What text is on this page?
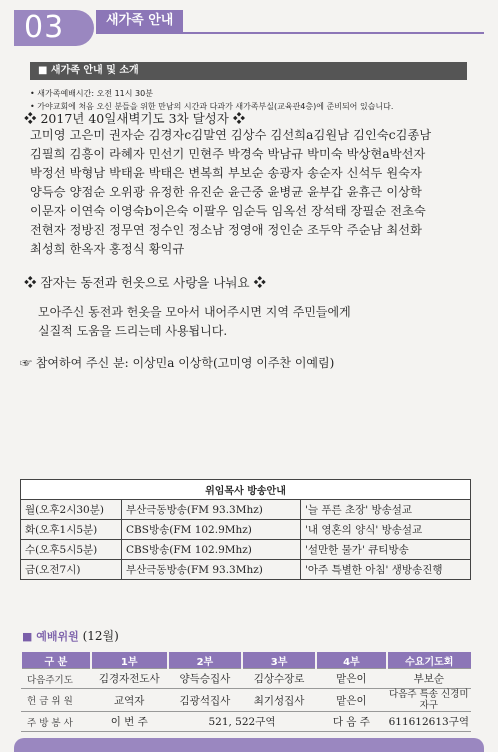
03	새가족 안내
■ 새가족 안내 및 소개
• 새가족예배시간: 오전 11시 30분
• 가야교회에 처음 오신 분들을 위한 만남의 시간과 다과가 새가족부실(교육관4층)에 준비되어 있습니다.
❖ 2017년 40일새벽기도 3차 달성자 ❖
고미영 고은미 권자순 김경자c김말연 김상수 김선희a김원남 김인숙c김종남
김필희 김흥이 라혜자 민선기 민현주 박경숙 박남규 박미숙 박상현a박선자
박정선 박형남 박태윤 박태은 변복희 부보순 송광자 송순자 신석두 원숙자
양득승 양점순 오위광 유정한 유진순 윤근중 윤병균 윤부갑 윤휴근 이상학
이문자 이연숙 이영숙b이은숙 이팔우 임순득 임옥선 장석태 장필순 전초숙
전현자 정방진 정무연 정수인 정소남 정영애 정인순 조두악 주순남 최선화
최성희 한옥자 홍정식 황익규
❖ 잠자는 동전과 헌옷으로 사랑을 나눠요 ❖
모아주신 동전과 헌옷을 모아서 내어주시면 지역 주민들에게
실질적 도움을 드리는데 사용됩니다.
☞ 참여하여 주신 분: 이상민a 이상학(고미영 이주찬 이예림)
위임목사 방송안내		
월(오후2시30분)	부산극동방송(FM 93.3Mhz)	'늘 푸른 초장' 방송설교
화(오후1시5분)	CBS방송(FM 102.9Mhz)	'내 영혼의 양식' 방송설교
수(오후5시5분)	CBS방송(FM 102.9Mhz)	'설만한 물가' 큐티방송
금(오전7시)	부산극동방송(FM 93.3Mhz)	'아주 특별한 아침' 생방송진행
■ 예배위원 (12월)
구 분	1부	2부	3부	4부	수요기도회
다음주기도	김경자전도사	양득승집사	김상수장로	맡은이	부보순
헌 금 위 원	교역자	김광석집사	최기성집사	맡은이	다음주 특송 신경미자구
주 방 봉 사	이 번 주	521, 522구역		다 음 주	611612613구역
